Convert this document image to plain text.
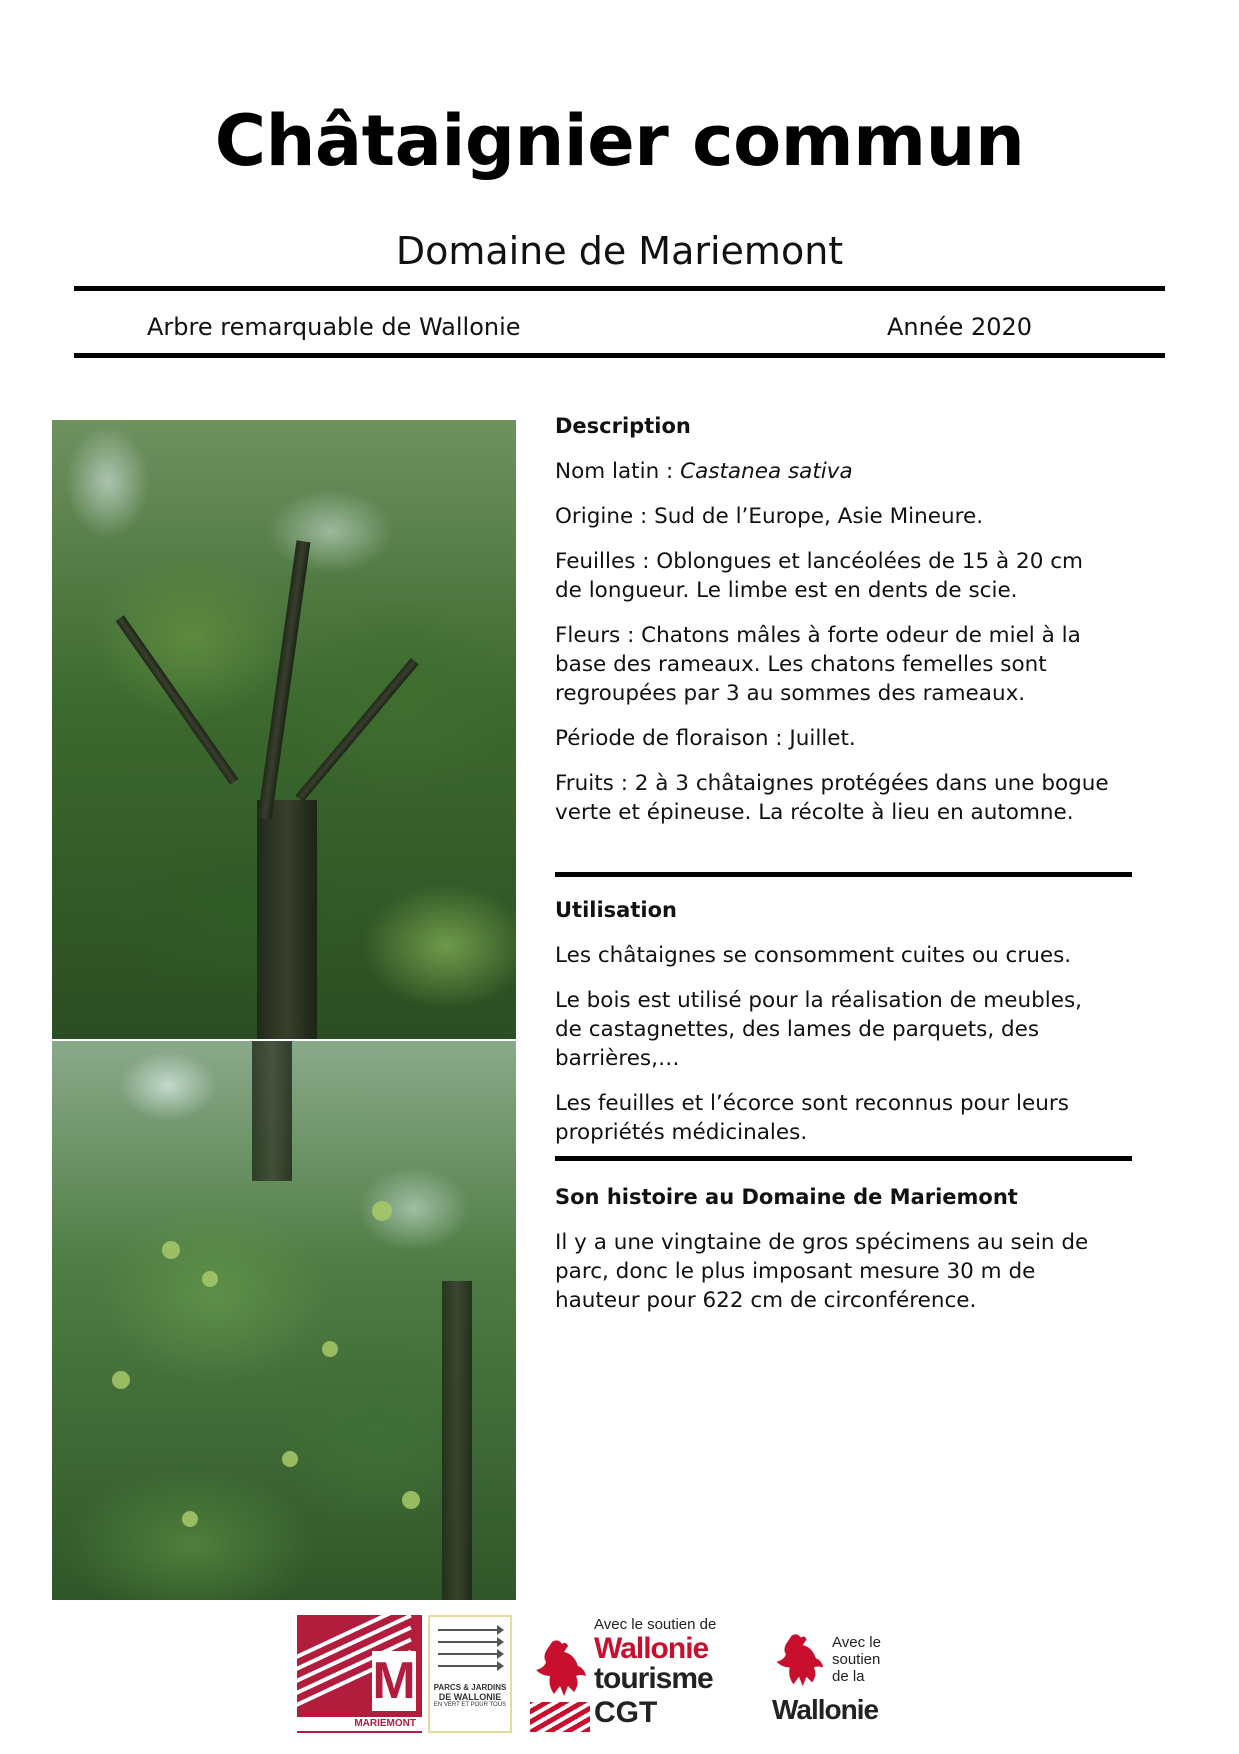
Châtaignier commun
Domaine de Mariemont
Arbre remarquable de Wallonie	Année 2020

Description

Nom latin : Castanea sativa

Origine : Sud de l’Europe, Asie Mineure.

Feuilles : Oblongues et lancéolées de 15 à 20 cm de longueur. Le limbe est en dents de scie.

Fleurs : Chatons mâles à forte odeur de miel à la base des rameaux. Les chatons femelles sont regroupées par 3 au sommes des rameaux.

Période de floraison : Juillet.

Fruits : 2 à 3 châtaignes protégées dans une bogue verte et épineuse. La récolte à lieu en automne.

Utilisation

Les châtaignes se consomment cuites ou crues.

Le bois est utilisé pour la réalisation de meubles, de castagnettes, des lames de parquets, des barrières,…

Les feuilles et l’écorce sont reconnus pour leurs propriétés médicinales.

Son histoire au Domaine de Mariemont

Il y a une vingtaine de gros spécimens au sein de parc, donc le plus imposant mesure 30 m de hauteur pour 622 cm de circonférence.

M
MARIEMONT
PARCS & JARDINS
DE WALLONIE
EN VERT ET POUR TOUS
Avec le soutien de
Wallonie
tourisme
CGT
Avec le
soutien
de la
Wallonie
